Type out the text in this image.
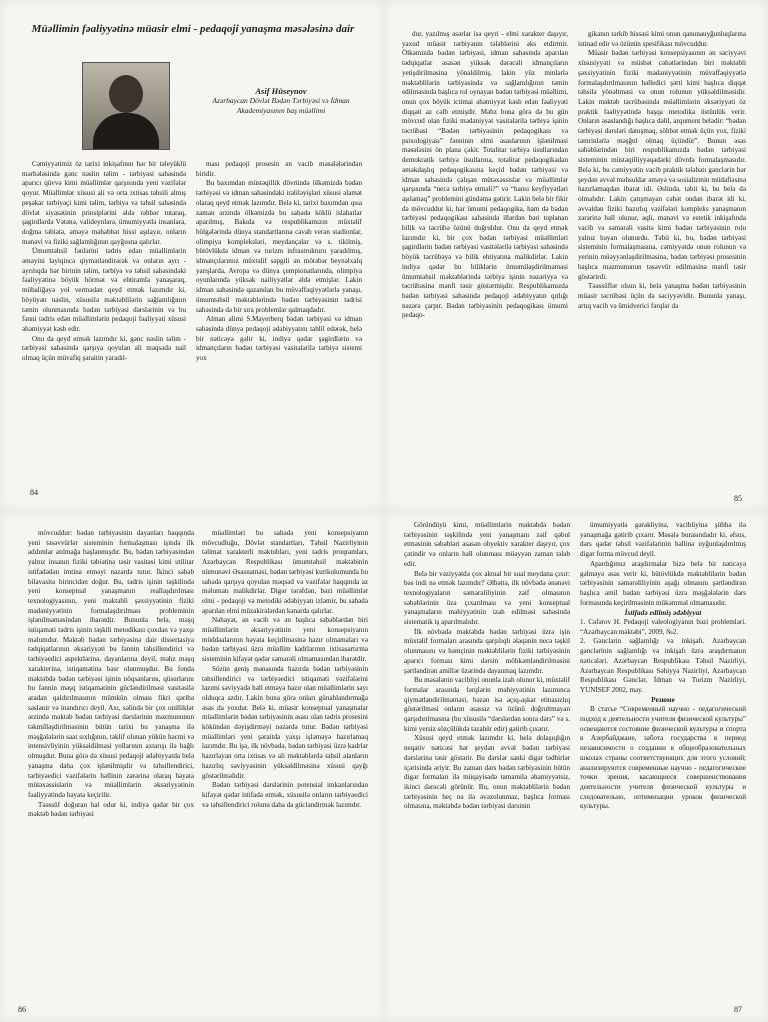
Müəllimin fəaliyyətinə müasir elmi - pedaqoji yanaşma məsələsinə dair
Asif Hüseynov
Azərbaycan Dövlət Bədən Tərbiyəsi və İdman Akademiyasının baş müəllimi

Cəmiyyətimiz öz tarixi inkişafının hər bir təleyüklü mərhələsində gənc nəslin təlim - tərbiyəsi sahəsində aparıcı qüvvə kimi müəllimlər qarşısında yeni vəzifələr qoyur. Müəllimlər xüsusi ali və orta ixtisas təhsili almış peşəkar tərbiyəçi kimi təlim, tərbiyə və təhsil sahəsində dövlət siyasətinin prinsiplərini əldə rəhbər tutaraq, şagirdlərdə Vətənə, valideynlərə, ümumiyyətlə insanlara, doğma təbiətə, əməyə məhəbbət hissi aşılayır, onların mənəvi və fiziki sağlamlığının qayğısına qalırlar.

Ümumtəhsil fənlərini tədris edən müəllimlərin əməyini layiqincə qiymətləndirərək və onların ayrı - ayrılıqda hər birinin təlim, tərbiyə və təhsil sahəsindəki fəaliyyətinə böyük hörmət və ehtiramla yanaşaraq, mübaliğəyə yol vermədən qeyd etmək lazımdır ki, böyüyən nəslin, xüsusilə məktəblilərin sağlamlığının təmin olunmasında bədən tərbiyəsi dərslərinin və bu fənni tədris edən müəllimlərin pedaqoji fəaliyyəti xüsusi əhəmiyyət kəsb edir.

Onu da qeyd etmək lazımdır ki, gənc nəslin təlim - tərbiyəsi sahəsində qarşıya qoyulan ali məqsədə nail olmaq üçün müvafiq şəraitin yaradıl-

ması pedaqoji prosesin ən vacib məsələlərindən biridir.

Bu baxımdan müstəqillik dövründə ölkəmizdə bədən tərbiyəsi və idman sahəsindəki irəliləyişləri xüsusi əlamət olaraq qeyd etmək lazımdır. Belə ki, tarixi baxımdan qısa zaman ərzində ölkəmizdə bu sahədə köklü islahatlar aparılmış, Bakıda və respublikamızın müxtəlif bölgələrində dünya standartlarına cavab verən stadionlar, olimpiya kompleksləri, meydançalar və s. tikilmiş, bütövlükdə idman və turizm infrastrukturu yaradılmış, idmançılarımız müxtəlif səpgili ən mötəbər beynəlxalq yarışlarda, Avropa və dünya çempionatlarında, olimpiya oyunlarında yüksək nailiyyətlər əldə etmişlər. Lakin idman sahəsində qazanılan bu müvəffəqiyyətlərlə yanaşı, ümumtəhsil məktəblərində bədən tərbiyəsinin tədrisi sahəsində də bir sıra problemlər qalmaqdadır.

Alman alimi S.Mayerberq bədən tərbiyəsi və idman sahəsində dünya pedaqoji ədəbiyyatını təhlil edərək, belə bir nəticəyə gəlir ki, indiyə qədər şagirdlərin və idmançıların bədən tərbiyəsi vasitələrilə tərbiyə sistemi yox

84

dur, yazılmış əsərlər isə qeyri - elmi xarakter daşıyır, yaxud müasir tərbiyənin tələblərini əks etdirmir. Ölkəmizdə bədən tərbiyəsi, idman sahəsində aparılan tədqiqatlar əsasən yüksək dərəcəli idmançıların yetişdirilməsinə yönəldilmiş, lakin yüz minlərlə məktəblilərin tərbiyəsində və sağlamlığının təmin edilməsində başlıca rol oynayan bədən tərbiyəsi müəllimi, onun çox böyük ictimai əhəmiyyət kəsb edən fəaliyyəti diqqəti az cəlb etmişdir. Məhz buna görə də bu gün mövcud olan fiziki mədəniyyət vasitələrilə tərbiyə işinin təcrübəsi “Bədən tərbiyəsinin pedaqogikası və psixologiyası” fənninin elmi əsaslarının işlənilməsi məsələsini ön plana çəkir. Totalitar tərbiyə üsullarından demokratik tərbiyə üsullarına, totalitar pedaqogikadan əməkdaşlıq pedaqogikasına keçid bədən tərbiyəsi və idman sahəsində çalışan mütəxəssislər və müəllimlər qarşısında “necə tərbiyə etməli?” və “hansı keyfiyyətləri aşılamaq” problemini gündəmə gətirir. Lakin belə bir fikir də mövcuddur ki, hər ümumi pedaqogika, həm də bədən tərbiyəsi pedaqogikası sahəsində illərdən bəri toplanan bilik və təcrübə özünü doğruldur. Onu da qeyd etmək lazımdır ki, bir çox bədən tərbiyəsi müəllimləri şagirdlərin bədən tərbiyəsi vasitələrilə tərbiyəsi sahəsində böyük təcrübəyə və bilik ehtiyatına malikdirlər. Lakin indiyə qədər bu biliklərin ümumiləşdirilməməsi ümumtəhsil məktəblərində tərbiyə işinin nəzəriyyə və təcrübəsinə mənfi təsir göstərmişdir. Respublikamızda bədən tərbiyəsi sahəsində pedaqoji ədəbiyyatın qıtlığı nəzərə çarpır. Bədən tərbiyəsinin pedaqogikası ümumi pedaqo-

gikanın tərkib hissəsi kimi onun qanunauyğunluqlarına istinad edir və özünün spesifikası mövcuddur.

Müasir bədən tərbiyəsi konsepsiyasının ən səciyyəvi xüsusiyyəti və müsbət cəhətlərindən biri məktəbli şəxsiyyətinin fiziki mədəniyyətinin müvəffəqiyyətlə formalaşdırılmasının həlledici şərti kimi başlıca diqqət təhsilə yönəltməsi və onun rolunun yüksəldilməsidir. Lakin məktəb təcrübəsində müəllimlərin əksəriyyəti öz praktik fəaliyyətində başqa metodika üstünlük verir. Onların əsaslandığı başlıca dəlil, arqument belədir: “bədən tərbiyəsi dərsləri danışmaq, söhbət etmək üçün yox, fiziki təmrinlərlə məşğul olmaq üçündür”. Bunun əsas səbəblərindən biri respublikamızda bədən tərbiyəsi sisteminin müstəqilliyyəqədərki dövrdə formalaşmasıdır. Belə ki, bu cəmiyyətin vacib praktik tələbatı gənclərin hər şeydən əvvəl məhsuldar əməyə və sosializmin müdafiəsinə hazırlamaqdan ibarət idi. Əslində, təbii ki, bu belə də olmalıdır. Lakin çatışmayan cəhət ondan ibarət idi ki, əvvəldən fiziki hazırlıq vəzifələri kompleks yanaşmanın zərərinə həll olunur, əqli, mənəvi və estetik inkişafında vacib və səmərəli vasitə kimi bədən tərbiyəsinin rolu yalnız bəyan olunurdu. Təbii ki, bu, bədən tərbiyəsi sisteminin formalaşmasına, cəmiyyətdə onun rolunun və yerinin müəyyənləşdirilməsinə, bədən tərbiyəsi prosesinin başlıca məzmununun təsəvvür edilməsinə mənfi təsir göstərirdi.

Təəssüflər olsun ki, belə yanaşma bədən tərbiyəsinin müasir təcrübəsi üçün də səciyyəvidir. Bununla yanaşı, artıq vacib və ümidverici fərqlər də

85

mövcuddur: bədən tərbiyəsinin dayanları haqqında yeni təsəvvürlər sisteminin formalaşması işində ilk addımlar atılmağa başlanmışdır. Bu, bədən tərbiyəsindən yalnız insanın fiziki təbiətinə təsir vasitəsi kimi utilitar istifadədən imtina etməyi nəzərdə tutur. İkinci səbəb bilavasitə birincidən doğur. Bu, tədris işinin təşkilində yeni konseptual yanaşmanın reallaşdırılması texnologiyasının, yeni məktəbli şəxsiyyətinin fiziki mədəniyyətinin formalaşdırılması probleminin işlənilməməsindən ibarətdir. Bununla belə, məşq istiqaməti tədris işinin təşkili metodikası çoxdan və yaxşı məlumdur. Məktəb bədən tərbiyəsinə dair dissertasiya tədqiqatlarının əksəriyyəti bu fənnin təhsillendirici və tərbiyəedici aspektlərinə, dayanlarına deyil, məhz məşq xarakterinə, istiqamətinə həsr olunmuşdur. Bu fonda məktəbdə bədən tərbiyəsi işinin nöqsanlarını, qüsurlarını bu fənnin məşq istiqamətinin gücləndirilməsi vasitəsilə aradan qaldırılmasının mümkün olması fikri qəribə səslənir və inandırıcı deyil. Axı, səlində bir çox onilliklər ərzində məktəb bədən tərbiyəsi dərslərinin məzmununun təkmilləşdirilməsinin bütün tarixi bu yanaşma ilə məşğələlərin saat sıxlığının, təklif olunan yükün həcmi və intensivliyinin yüksəldilməsi yollarının axtarışı ilə bağlı olmuşdur. Buna görə də xüsusi pedaqoji ədəbiyyatda belə yanaşma daha çox işlənilmişdir və təhsillendirici, tərbiyəedici vəzifələrin həllinin zərərinə olaraq həyata mütəxəssislərin və müəllimlərin əksəriyyətinin fəaliyyətində həyata keçirilir.

Təəssüf doğuran hal odur ki, indiyə qədər bir çox məktəb bədən tərbiyəsi

müəllimləri bu sahədə yeni konsepsiyanın mövcudluğu, Dövlət standartları, Təhsil Nazirliyinin təlimat xarakterli məktubları, yeni tədris proqramları, Azərbaycan Respublikası ümumtəhsil məktəbinin nümunəvi Əsasnaməsi, bədən tərbiyəsi kurikulumunda bu sahədə qarşıya qoyulan məqsəd və vəzifələr haqqında az məlumatı malikdirlər. Digər tərəfdən, bəzi müəllimlər elmi - pedaqoji və metodiki ədəbiyyatı izləmir, bu sahədə aparılan elmi müzakirələrdən kənarda qalırlar.

Nəhayət, ən vacib və ən başlıca səbəblərdən biri müəllimlərin əksəriyyətinin yeni konsepsiyanın müddəalarının həyata keçirilməsinə hazır olmamaları və bədən tərbiyəsi üzrə müəllim kadrlarının ixtisasartırma sisteminin kifayət qədər səmərəli olmamasından ibarətdir.

Sözün geniş mənasında hazırda bədən tərbiyəsinin təhsillendirici və tərbiyəedici istiqaməti vəzifələrini lazımi səviyyədə həll etməyə hazır olan müəllimlərin sayı olduqca azdır. Lakin buna görə onları günahlandırmağa əsas da yoxdur. Belə ki, müasir konseptual yanaşmalar müəllimlərin bədən tərbiyəsinin əsası olan tədris prosesini kökündən dəyişdirməyi nəzərdə tutur. Bədən tərbiyəsi müəllimləri yeni şəraitdə yaxşı işləməyə hazırlamaq lazımdır. Bu işə, ilk növbədə, bədən tərbiyəsi üzrə kadrlar hazırlayan orta ixtisas və ali məktəblərdə təhsil alanların hazırlıq səviyyəsinin yüksəldilməsinə xüsusi qayğı göstərilməlidir.

Bədən tərbiyəsi dərslərinin potensial imkanlarından kifayət qədər istifadə etmək, xüsusilə onların tərbiyəedici və təhsillendirici rolunu daha da gücləndirmək lazımdır.

86

Göründüyü kimi, müəllimlərin məktəbdə bədən tərbiyəsinin təşkilində yeni yanaşmanı zəif qəbul etməsinin səbəbləri əsasən obyektiv xarakter daşıyır, çox çətindir və onların həll olunması müəyyən zaman tələb edir.

Belə bir vəziyyətdə çox aktual bir sual meydana çıxır: bəs indi nə etmək lazımdır? Əlbəttə, ilk növbədə ənənəvi texnologiyaların səmərəliliyinin zəif olmasının səbəblərinin üzə çıxarılması və yeni konseptual yanaşmaların məhiyyətinin izah edilməsi sahəsində sistematik iş aparılmalıdır.

İlk növbədə məktəbdə bədən tərbiyəsi üzrə işin müxtəlif formaları arasında qarşılıqlı əlaqənin necə təşkil olunmasını və həmçinin məktəblilərin fiziki tərbiyəsinin aparıcı forması kimi dərsin möhkəmləndirilməsini şərtləndirən amillər üzərində dayanmaq lazımdır.

Bu məsələnin vacibliyi onunla izah olunur ki, müxtəlif formalar arasında fərqlərin məhiyyətinin lazımınca qiymətləndirilməməsi, bəzən isə açıq-aşkar etinasızlıq göstərilməsi onların əsassız və özünü doğrultmayan qarşıdırılmasına (bu xüsusilə “dərslərdən sonra dərs” və s. kimi yersiz sözçülükdə təzahür edir) gətirib çıxarır.

Xüsusi qeyd etmək lazımdır ki, belə dolaşıqlığın neqativ nəticəsi hər şeydən əvvəl bədən tərbiyəsi dərslərinə təsir göstərir. Bu dərslər sanki digər tədbirlər içərisində əriyir. Bu zaman dərs bədən tərbiyəsinin bütün digər formaları ilə müqayisədə tamamilə əhəmiyyətsiz, ikinci dərəcəli görünür. Bu, onun məktəblilərin bədən tərbiyəsinin heç nə ilə əvəzolunmaz, başlıca forması olmasına, məktəbdə bədən tərbiyəsi dərsinin

ümumiyyətlə gərəkliyinə, vacibliyinə şübhə ilə yanaşmağa gətirib çıxarır. Məsələ burasındadır ki, əfsus, dərs qədər təhsil vəzifələrinin həllinə uyğunlaşdırılmış digər forma mövcud deyil.

Apardığımız araşdırmalar bizə belə bir nəticəyə gəlməyə əsas verir ki, bütövlükdə məktəblilərin bədən tərbiyəsinin səmərəliliyinin aşağı olmasını şərtləndirən başlıca amil bədən tərbiyəsi üzrə məşğələlərin dərs formasında keçirilməsinin mükəmməl olmamasıdır.

İstifadə edilmiş ədəbiyyat

1. Cəfərov H. Pedaqoji valeologiyanın bəzi problemləri. “Azərbaycan məktəbi”, 2009, №2.

2. Gənclərin sağlamlığı və inkişafı. Azərbaycan gənclərinin sağlamlığı və inkişafı üzrə araşdırmanın nəticələri. Azərbaycan Respublikası Təhsil Nazirliyi, Azərbaycan Respublikası Səhiyyə Nazirliyi, Azərbaycan Respublikası Gənclər, İdman və Turizm Nazirliyi, YUNİSEF 2002, may.

Резюме

В статье “Современный научно - педагогический подход к деятельности учителя физической культуры” освещаются состояние физической культуры и спорта в Азербайджане, забота государства в период независимости о создании в общеобразовательных школах страны соответствующих для этого условий; анализируются современные научно - педагогические точки зрения, касающиеся совершенствования деятельности учителя физической культуры и следовательно, оптимизации уроков физической культуры.

87
